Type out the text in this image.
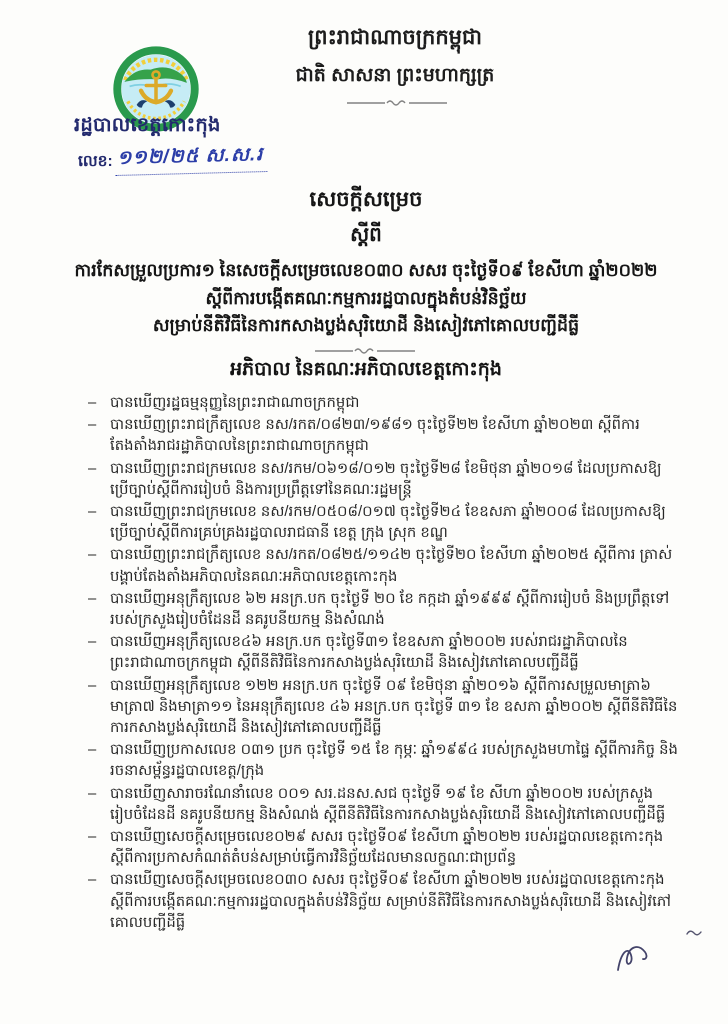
ព្រះរាជាណាចក្រកម្ពុជា
ជាតិ សាសនា ព្រះមហាក្សត្រ
រដ្ឋបាលខេត្តកោះកុង
លេខ: ១១២/២៥ ស.ស.រ
សេចក្តីសម្រេច
ស្តីពី
ការកែសម្រួលប្រការ១ នៃសេចក្តីសម្រេចលេខ០៣០ សសរ ចុះថ្ងៃទី០៩ ខែសីហា ឆ្នាំ២០២២
ស្តីពីការបង្កើតគណៈកម្មការរដ្ឋបាលក្នុងតំបន់វិនិច្ឆ័យ
សម្រាប់នីតិវិធីនៃការកសាងប្លង់សុរិយោដី និងសៀវភៅគោលបញ្ជីដីធ្លី
អភិបាល នៃគណៈអភិបាលខេត្តកោះកុង
– បានឃើញរដ្ឋធម្មនុញ្ញនៃព្រះរាជាណាចក្រកម្ពុជា
– បានឃើញព្រះរាជក្រឹត្យលេខ នស/រកត/០៨២៣/១៩៨១ ចុះថ្ងៃទី២២ ខែសីហា ឆ្នាំ២០២៣ ស្តីពីការតែងតាំងរាជរដ្ឋាភិបាលនៃព្រះរាជាណាចក្រកម្ពុជា
– បានឃើញព្រះរាជក្រមលេខ នស/រកម/០៦១៨/០១២ ចុះថ្ងៃទី២៨ ខែមិថុនា ឆ្នាំ២០១៨ ដែលប្រកាសឱ្យប្រើច្បាប់ស្តីពីការរៀបចំ និងការប្រព្រឹត្តទៅនៃគណៈរដ្ឋមន្ត្រី
– បានឃើញព្រះរាជក្រមលេខ នស/រកម/០៥០៨/០១៧ ចុះថ្ងៃទី២៤ ខែឧសភា ឆ្នាំ២០០៨ ដែលប្រកាសឱ្យប្រើច្បាប់ស្តីពីការគ្រប់គ្រងរដ្ឋបាលរាជធានី ខេត្ត ក្រុង ស្រុក ខណ្ឌ
– បានឃើញព្រះរាជក្រឹត្យលេខ នស/រកត/០៨២៥/១១៤២ ចុះថ្ងៃទី២០ ខែសីហា ឆ្នាំ២០២៥ ស្តីពីការ ត្រាស់បង្គាប់តែងតាំងអភិបាលនៃគណៈអភិបាលខេត្តកោះកុង
– បានឃើញអនុក្រឹត្យលេខ ៦២ អនក្រ.បក ចុះថ្ងៃទី ២០ ខែ កក្កដា ឆ្នាំ១៩៩៩ ស្តីពីការរៀបចំ និងប្រព្រឹត្តទៅរបស់ក្រសួងរៀបចំដែនដី នគរូបនីយកម្ម និងសំណង់
– បានឃើញអនុក្រឹត្យលេខ៤៦ អនក្រ.បក ចុះថ្ងៃទី៣១ ខែឧសភា ឆ្នាំ២០០២ របស់រាជរដ្ឋាភិបាលនៃព្រះរាជាណាចក្រកម្ពុជា ស្តីពីនីតិវិធីនៃការកសាងប្លង់សុរិយោដី និងសៀវភៅគោលបញ្ជីដីធ្លី
– បានឃើញអនុក្រឹត្យលេខ ១២២ អនក្រ.បក ចុះថ្ងៃទី ០៩ ខែមិថុនា ឆ្នាំ២០១៦ ស្តីពីការសម្រួលមាត្រា៦ មាត្រា៧ និងមាត្រា១១ នៃអនុក្រឹត្យលេខ ៤៦ អនក្រ.បក ចុះថ្ងៃទី ៣១ ខែ ឧសភា ឆ្នាំ២០០២ ស្តីពីនីតិវិធីនៃការកសាងប្លង់សុរិយោដី និងសៀវភៅគោលបញ្ជីដីធ្លី
– បានឃើញប្រកាសលេខ ០៣១ ប្រក ចុះថ្ងៃទី ១៥ ខែ កុម្ភៈ ឆ្នាំ១៩៩៤ របស់ក្រសួងមហាផ្ទៃ ស្តីពីការកិច្ច និងរចនាសម្ព័ន្ធរដ្ឋបាលខេត្ត/ក្រុង
– បានឃើញសារាចរណែនាំលេខ ០០១ សរ.ដនស.សជ ចុះថ្ងៃទី ១៩ ខែ សីហា ឆ្នាំ២០០២ របស់ក្រសួងរៀបចំដែនដី នគរូបនីយកម្ម និងសំណង់ ស្តីពីនីតិវិធីនៃការកសាងប្លង់សុរិយោដី និងសៀវភៅគោលបញ្ជីដីធ្លី
– បានឃើញសេចក្តីសម្រេចលេខ០២៩ សសរ ចុះថ្ងៃទី០៩ ខែសីហា ឆ្នាំ២០២២ របស់រដ្ឋបាលខេត្តកោះកុង ស្តីពីការប្រកាសកំណត់តំបន់សម្រាប់ធ្វើការវិនិច្ឆ័យដែលមានលក្ខណៈជាប្រព័ន្ធ
– បានឃើញសេចក្តីសម្រេចលេខ០៣០ សសរ ចុះថ្ងៃទី០៩ ខែសីហា ឆ្នាំ២០២២ របស់រដ្ឋបាលខេត្តកោះកុង ស្តីពីការបង្កើតគណៈកម្មការរដ្ឋបាលក្នុងតំបន់វិនិច្ឆ័យ សម្រាប់នីតិវិធីនៃការកសាងប្លង់សុរិយោដី និងសៀវភៅគោលបញ្ជីដីធ្លី
